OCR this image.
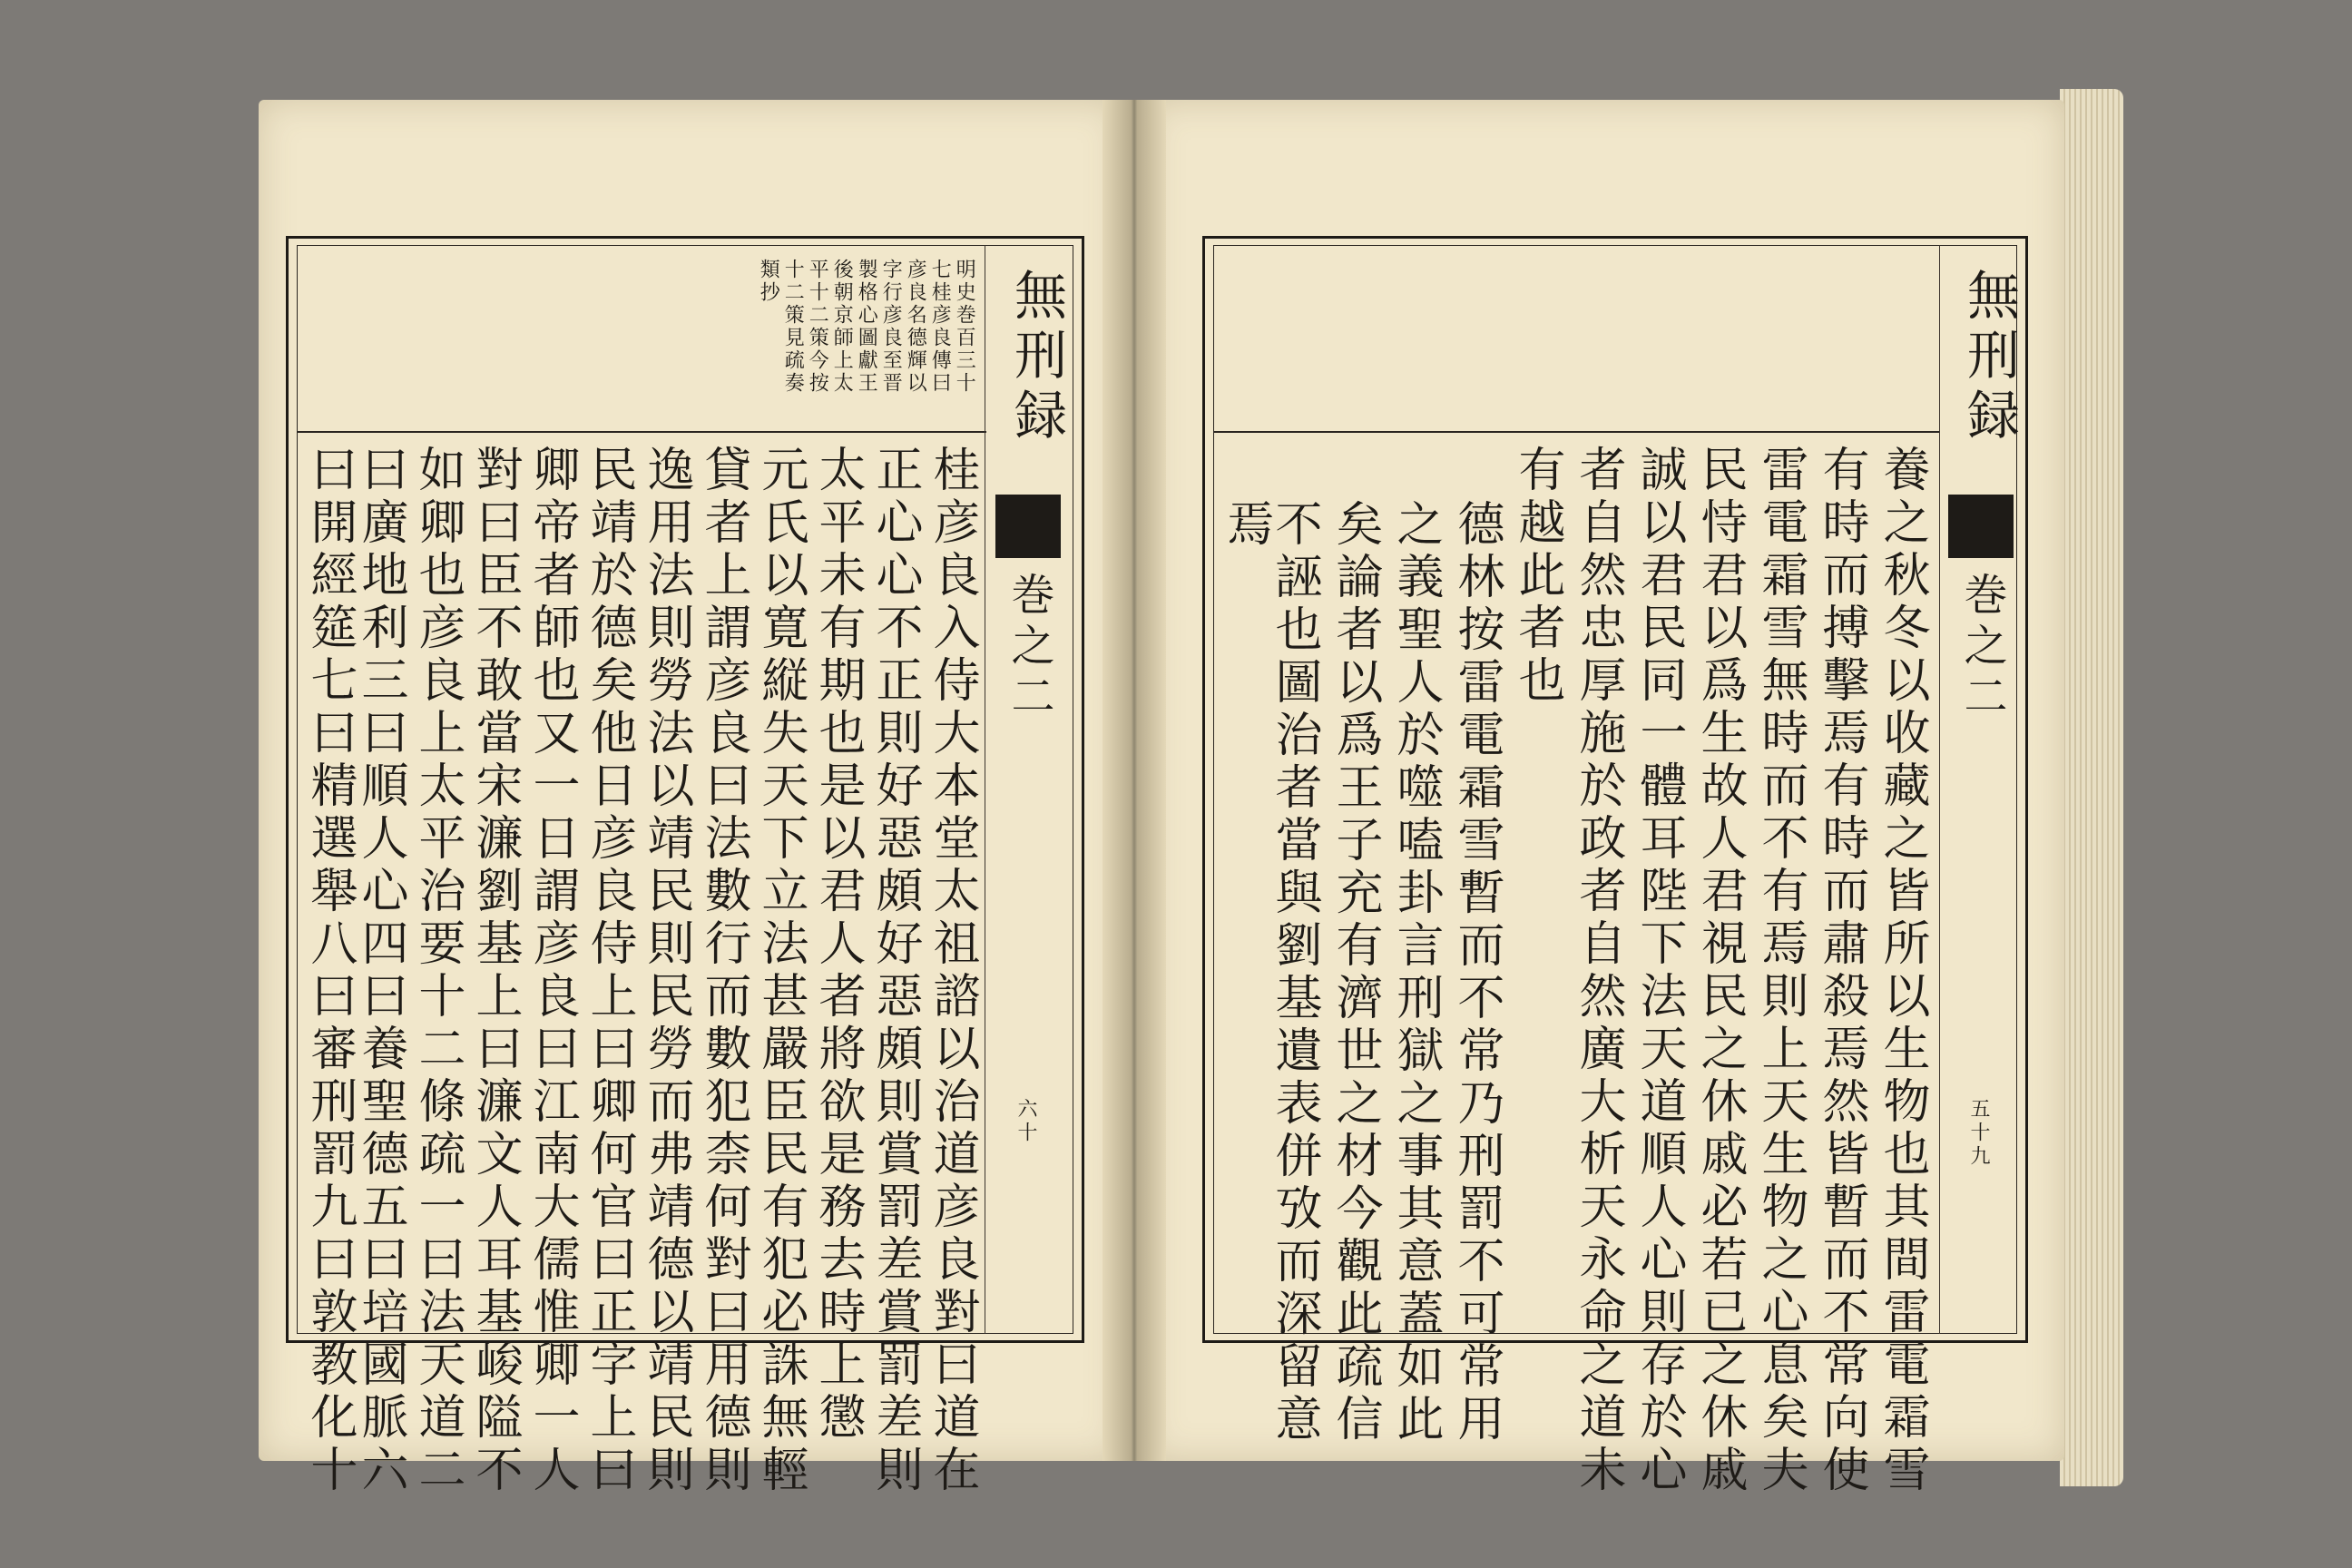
無刑録
巻之二
六十
明史巻百三十
七桂彦良傳曰
彦良名德輝以
字行彦良至晋
製格心圖獻王
後朝京師上太
平十二策今按
十二策見疏奏
類抄
桂彦良入侍大本堂太祖諮以治道彦良對曰道在
正心心不正則好惡頗好惡頗則賞罰差賞罰差則
太平未有期也是以君人者將欲是務去時上懲
元氏以寛縦失天下立法甚嚴臣民有犯必誅無輕
貸者上謂彦良曰法數行而數犯柰何對曰用德則
逸用法則勞法以靖民則民勞而弗靖德以靖民則
民靖於德矣他日彦良侍上曰卿何官曰正字上曰
卿帝者師也又一日謂彦良曰江南大儒惟卿一人
對曰臣不敢當宋濂劉基上曰濂文人耳基峻隘不
如卿也彦良上太平治要十二條疏一曰法天道二
曰廣地利三曰順人心四曰養聖德五曰培國脈六
曰開經筵七曰精選舉八曰審刑罰九曰敦教化十
無刑録
巻之二
五十九
養之秋冬以收藏之皆所以生物也其間雷電霜雪
有時而搏擊焉有時而肅殺焉然皆暫而不常向使
雷電霜雪無時而不有焉則上天生物之心息矣夫
民恃君以爲生故人君視民之休戚必若已之休戚
誠以君民同一體耳陛下法天道順人心則存於心
者自然忠厚施於政者自然廣大析天永命之道未
有越此者也
德林按雷電霜雪暫而不常乃刑罰不可常用
之義聖人於噬嗑卦言刑獄之事其意蓋如此
矣論者以爲王子充有濟世之材今觀此疏信
不誣也圖治者當與劉基遺表併攷而深留意
焉
